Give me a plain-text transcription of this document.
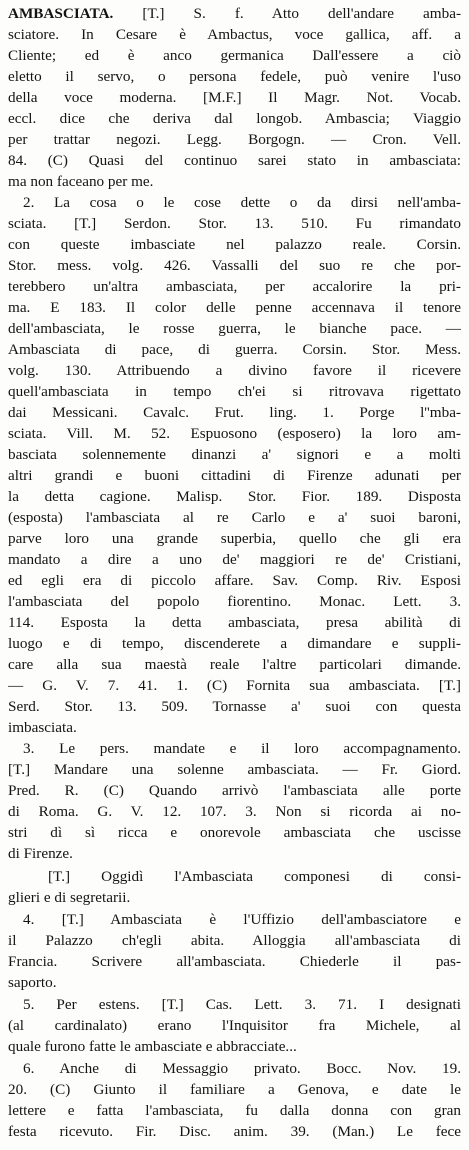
AMBASCIATA. [T.] S. f. Atto dell'andare amba-
sciatore. In Cesare è Ambactus, voce gallica, aff. a
Cliente; ed è anco germanica Dall'essere a ciò
eletto il servo, o persona fedele, può venire l'uso
della voce moderna. [M.F.] Il Magr. Not. Vocab.
eccl. dice che deriva dal longob. Ambascia; Viaggio
per trattar negozi. Legg. Borgogn. — Cron. Vell.
84. (C) Quasi del continuo sarei stato in ambasciata:
ma non faceano per me.
2. La cosa o le cose dette o da dirsi nell'amba-
sciata. [T.] Serdon. Stor. 13. 510. Fu rimandato
con queste imbasciate nel palazzo reale. Corsin.
Stor. mess. volg. 426. Vassalli del suo re che por-
terebbero un'altra ambasciata, per accalorire la pri-
ma. E 183. Il color delle penne accennava il tenore
dell'ambasciata, le rosse guerra, le bianche pace. —
Ambasciata di pace, di guerra. Corsin. Stor. Mess.
volg. 130. Attribuendo a divino favore il ricevere
quell'ambasciata in tempo ch'ei si ritrovava rigettato
dai Messicani. Cavalc. Frut. ling. 1. Porge l''mba-
sciata. Vill. M. 52. Espuosono (esposero) la loro am-
basciata solennemente dinanzi a' signori e a molti
altri grandi e buoni cittadini di Firenze adunati per
la detta cagione. Malisp. Stor. Fior. 189. Disposta
(esposta) l'ambasciata al re Carlo e a' suoi baroni,
parve loro una grande superbia, quello che gli era
mandato a dire a uno de' maggiori re de' Cristiani,
ed egli era di piccolo affare. Sav. Comp. Riv. Esposi
l'ambasciata del popolo fiorentino. Monac. Lett. 3.
114. Esposta la detta ambasciata, presa abilità di
luogo e di tempo, discenderete a dimandare e suppli-
care alla sua maestà reale l'altre particolari dimande.
— G. V. 7. 41. 1. (C) Fornita sua ambasciata. [T.]
Serd. Stor. 13. 509. Tornasse a' suoi con questa
imbasciata.
3. Le pers. mandate e il loro accompagnamento.
[T.] Mandare una solenne ambasciata. — Fr. Giord.
Pred. R. (C) Quando arrivò l'ambasciata alle porte
di Roma. G. V. 12. 107. 3. Non si ricorda ai no-
stri dì sì ricca e onorevole ambasciata che uscisse
di Firenze.
[T.] Oggidì l'Ambasciata componesi di consi-
glieri e di segretarii.
4. [T.] Ambasciata è l'Uffizio dell'ambasciatore e
il Palazzo ch'egli abita. Alloggia all'ambasciata di
Francia. Scrivere all'ambasciata. Chiederle il pas-
saporto.
5. Per estens. [T.] Cas. Lett. 3. 71. I designati
(al cardinalato) erano l'Inquisitor fra Michele, al
quale furono fatte le ambasciate e abbracciate...
6. Anche di Messaggio privato. Bocc. Nov. 19.
20. (C) Giunto il familiare a Genova, e date le
lettere e fatta l'ambasciata, fu dalla donna con gran
festa ricevuto. Fir. Disc. anim. 39. (Man.) Le fece
